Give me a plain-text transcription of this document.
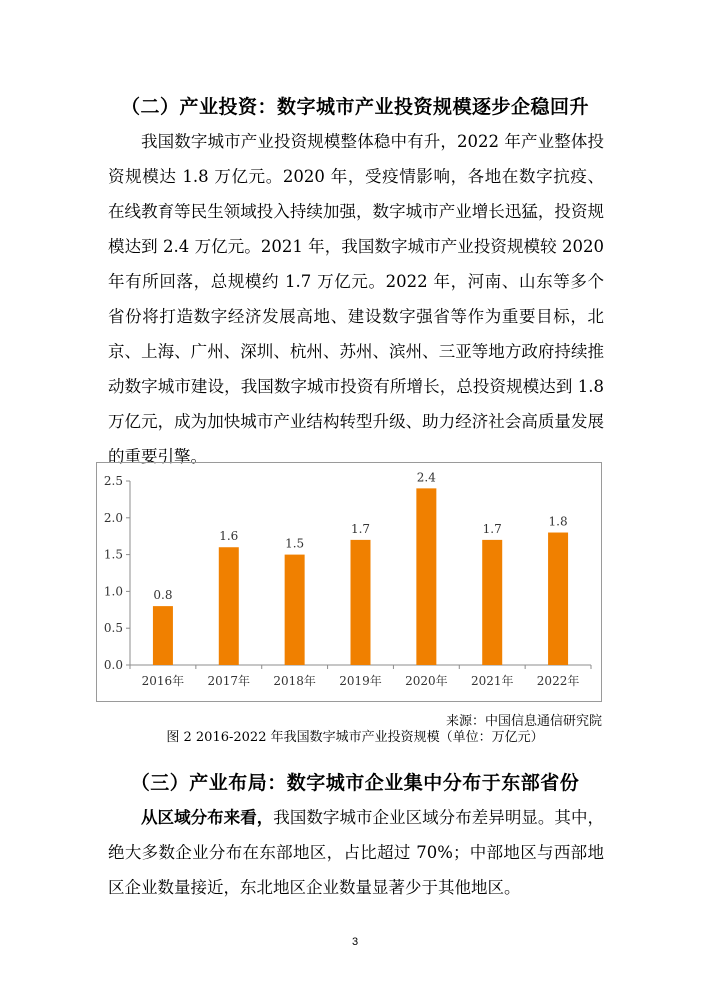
（二）产业投资：数字城市产业投资规模逐步企稳回升
我国数字城市产业投资规模整体稳中有升，2022 年产业整体投资规模达 1.8 万亿元。2020 年，受疫情影响，各地在数字抗疫、在线教育等民生领域投入持续加强，数字城市产业增长迅猛，投资规模达到 2.4 万亿元。2021 年，我国数字城市产业投资规模较 2020 年有所回落，总规模约 1.7 万亿元。2022 年，河南、山东等多个省份将打造数字经济发展高地、建设数字强省等作为重要目标，北京、上海、广州、深圳、杭州、苏州、滨州、三亚等地方政府持续推动数字城市建设，我国数字城市投资有所增长，总投资规模达到 1.8 万亿元，成为加快城市产业结构转型升级、助力经济社会高质量发展的重要引擎。
0.0
0.5
1.0
1.5
2.0
2.5
0.8
2016年
1.6
2017年
1.5
2018年
1.7
2019年
2.4
2020年
1.7
2021年
1.8
2022年
来源：中国信息通信研究院
图 2 2016-2022 年我国数字城市产业投资规模（单位：万亿元）
（三）产业布局：数字城市企业集中分布于东部省份
从区域分布来看，我国数字城市企业区域分布差异明显。其中，绝大多数企业分布在东部地区，占比超过 70%；中部地区与西部地区企业数量接近，东北地区企业数量显著少于其他地区。
3
